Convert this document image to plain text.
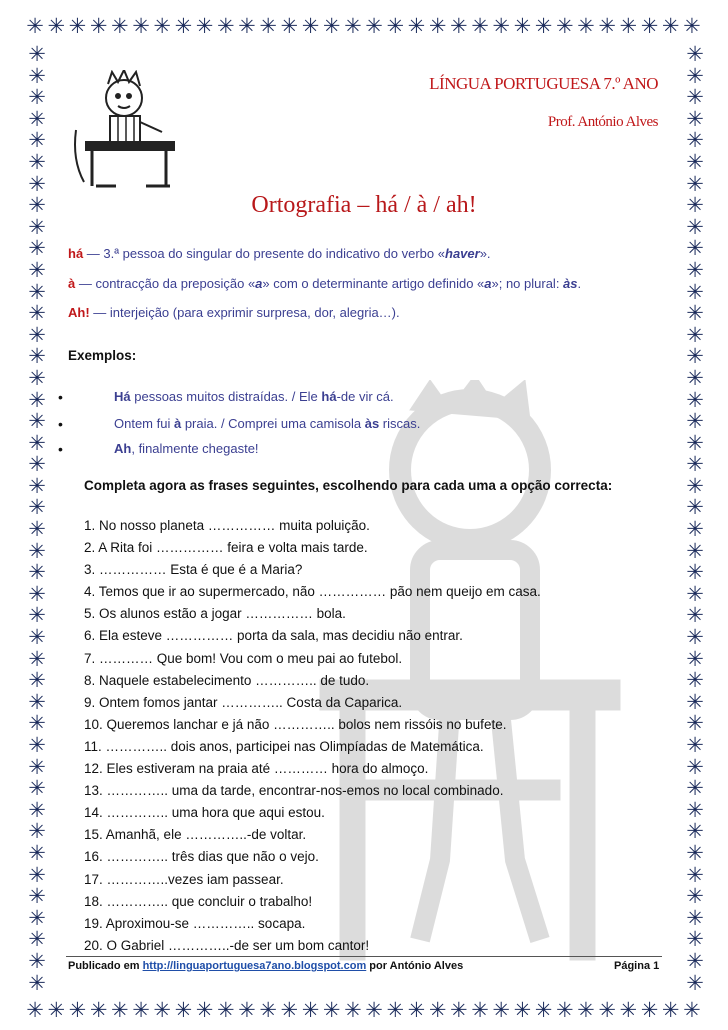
✳ ✳ ✳ ✳ ✳ ✳ ✳ ✳ ✳ ✳ ✳ ✳ ✳ ✳ ✳ ✳ ✳ ✳ ✳ ✳ ✳ ✳ ✳ ✳ ✳ ✳ ✳ ✳ ✳ ✳ ✳ ✳
✳ ✳ ✳ ✳ ✳ ✳ ✳ ✳ ✳ ✳ ✳ ✳ ✳ ✳ ✳ ✳ ✳ ✳ ✳ ✳ ✳ ✳ ✳ ✳ ✳ ✳ ✳ ✳ ✳ ✳ ✳ ✳
✳
✳
✳
✳
✳
✳
✳
✳
✳
✳
✳
✳
✳
✳
✳
✳
✳
✳
✳
✳
✳
✳
✳
✳
✳
✳
✳
✳
✳
✳
✳
✳
✳
✳
✳
✳
✳
✳
✳
✳
✳
✳
✳
✳
✳
✳
✳
✳
✳
✳
✳
✳
✳
✳
✳
✳
✳
✳
✳
✳
✳
✳
✳
✳
✳
✳
✳
✳
✳
✳
✳
✳
✳
✳
✳
✳
✳
✳
✳
✳
✳
✳
✳
✳
✳
✳
✳
✳
LÍNGUA PORTUGUESA 7.º ANO
Prof. António Alves
Ortografia – há / à / ah!
há — 3.ª pessoa do singular do presente do indicativo do verbo «haver».
à — contracção da preposição «a» com o determinante artigo definido «a»; no plural: às.
Ah! — interjeição (para exprimir surpresa, dor, alegria…).
Exemplos:
•	Há pessoas muitos distraídas. / Ele há-de vir cá.
•	Ontem fui à praia. / Comprei uma camisola às riscas.
•	Ah, finalmente chegaste!
Completa agora as frases seguintes, escolhendo para cada uma a opção correcta:
1. No nosso planeta …………… muita poluição.
2. A Rita foi …………… feira e volta mais tarde.
3. …………… Esta é que é a Maria?
4. Temos que ir ao supermercado, não …………… pão nem queijo em casa.
5. Os alunos estão a jogar …………… bola.
6. Ela esteve …………… porta da sala, mas decidiu não entrar.
7. ………… Que bom! Vou com o meu pai ao futebol.
8. Naquele estabelecimento ………….. de tudo.
9. Ontem fomos jantar ………….. Costa da Caparica.
10. Queremos lanchar e já não ………….. bolos nem rissóis no bufete.
11. ………….. dois anos, participei nas Olimpíadas de Matemática.
12. Eles estiveram na praia até ………… hora do almoço.
13. ………….. uma da tarde, encontrar-nos-emos no local combinado.
14. ………….. uma hora que aqui estou.
15. Amanhã, ele …………..-de voltar.
16. ………….. três dias que não o vejo.
17. …………..vezes iam passear.
18. ………….. que concluir o trabalho!
19. Aproximou-se ………….. socapa.
20. O Gabriel …………..-de ser um bom cantor!
Publicado em http://linguaportuguesa7ano.blogspot.com por António Alves	Página 1
